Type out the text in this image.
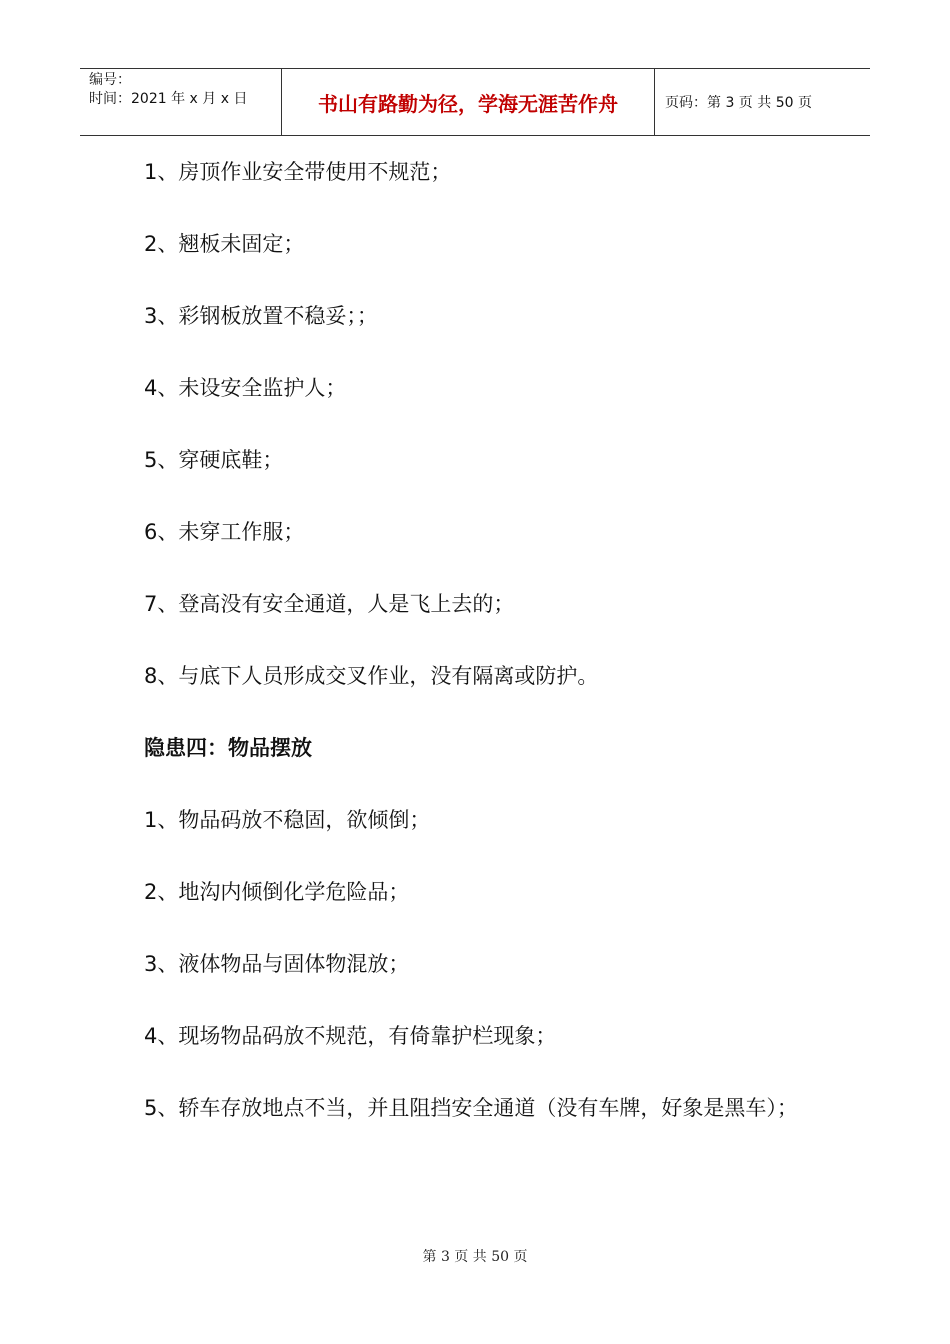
编号：
时间：2021 年 x 月 x 日	书山有路勤为径，学海无涯苦作舟	页码：第 3 页 共 50 页
1、房顶作业安全带使用不规范；
2、翘板未固定；
3、彩钢板放置不稳妥；；
4、未设安全监护人；
5、穿硬底鞋；
6、未穿工作服；
7、登高没有安全通道，人是飞上去的；
8、与底下人员形成交叉作业，没有隔离或防护。
隐患四：物品摆放
1、物品码放不稳固，欲倾倒；
2、地沟内倾倒化学危险品；
3、液体物品与固体物混放；
4、现场物品码放不规范，有倚靠护栏现象；
5、轿车存放地点不当，并且阻挡安全通道（没有车牌，好象是黑车）；
第 3 页 共 50 页
